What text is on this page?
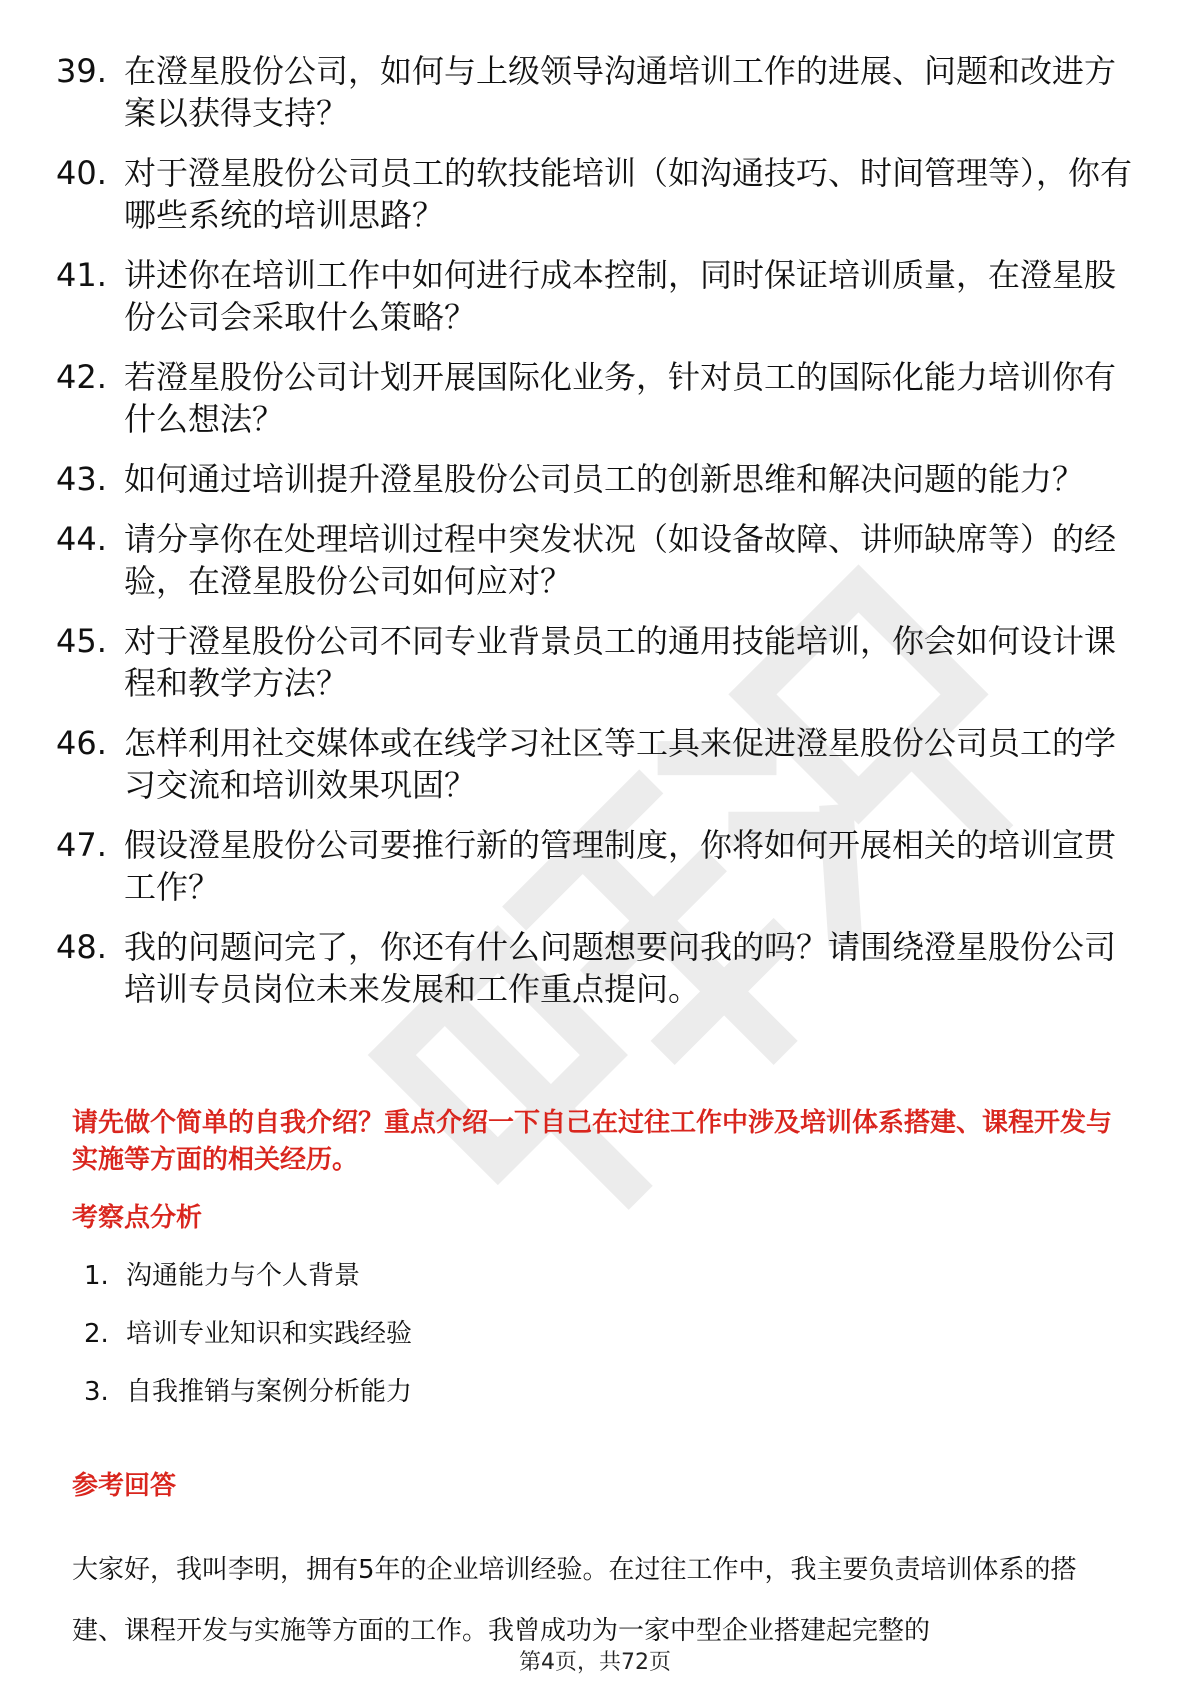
39. 在澄星股份公司，如何与上级领导沟通培训工作的进展、问题和改进方案以获得支持？
40. 对于澄星股份公司员工的软技能培训（如沟通技巧、时间管理等），你有哪些系统的培训思路？
41. 讲述你在培训工作中如何进行成本控制，同时保证培训质量，在澄星股份公司会采取什么策略？
42. 若澄星股份公司计划开展国际化业务，针对员工的国际化能力培训你有什么想法？
43. 如何通过培训提升澄星股份公司员工的创新思维和解决问题的能力？
44. 请分享你在处理培训过程中突发状况（如设备故障、讲师缺席等）的经验，在澄星股份公司如何应对？
45. 对于澄星股份公司不同专业背景员工的通用技能培训，你会如何设计课程和教学方法？
46. 怎样利用社交媒体或在线学习社区等工具来促进澄星股份公司员工的学习交流和培训效果巩固？
47. 假设澄星股份公司要推行新的管理制度，你将如何开展相关的培训宣贯工作？
48. 我的问题问完了，你还有什么问题想要问我的吗？请围绕澄星股份公司培训专员岗位未来发展和工作重点提问。
请先做个简单的自我介绍？重点介绍一下自己在过往工作中涉及培训体系搭建、课程开发与实施等方面的相关经历。
考察点分析
1. 沟通能力与个人背景
2. 培训专业知识和实践经验
3. 自我推销与案例分析能力
参考回答
大家好，我叫李明，拥有5年的企业培训经验。在过往工作中，我主要负责培训体系的搭建、课程开发与实施等方面的工作。我曾成功为一家中型企业搭建起完整的
第4页，共72页
